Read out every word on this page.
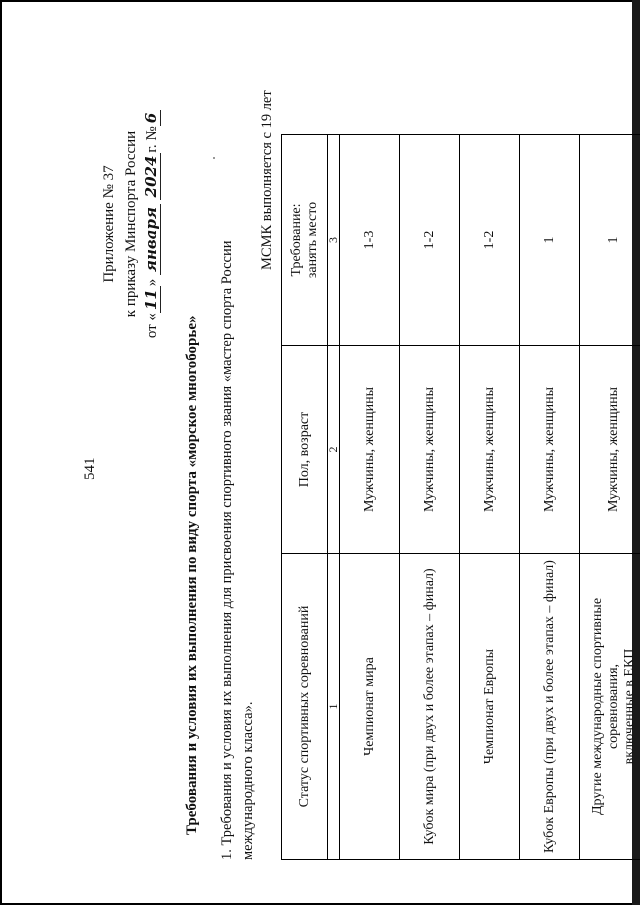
541
Приложение № 37 к приказу Минспорта России
от «11» января 2024г. №6
Требования и условия их выполнения по виду спорта «морское многоборье» 1. Требования и условия их выполнения для присвоения спортивного звания «мастер спорта России международного класса».
МСМК выполняется с 19 лет
Статус спортивных соревнований	Пол, возраст	Требование: занять место

1	2	3
Чемпионат мира	Мужчины, женщины	1-3
Кубок мира (при двух и более этапах – финал)	Мужчины, женщины	1-2
Чемпионат Европы	Мужчины, женщины	1-2
Кубок Европы (при двух и более этапах – финал)	Мужчины, женщины	1

Другие международные спортивные соревнования, включенные в ЕКП	Мужчины, женщины	1
